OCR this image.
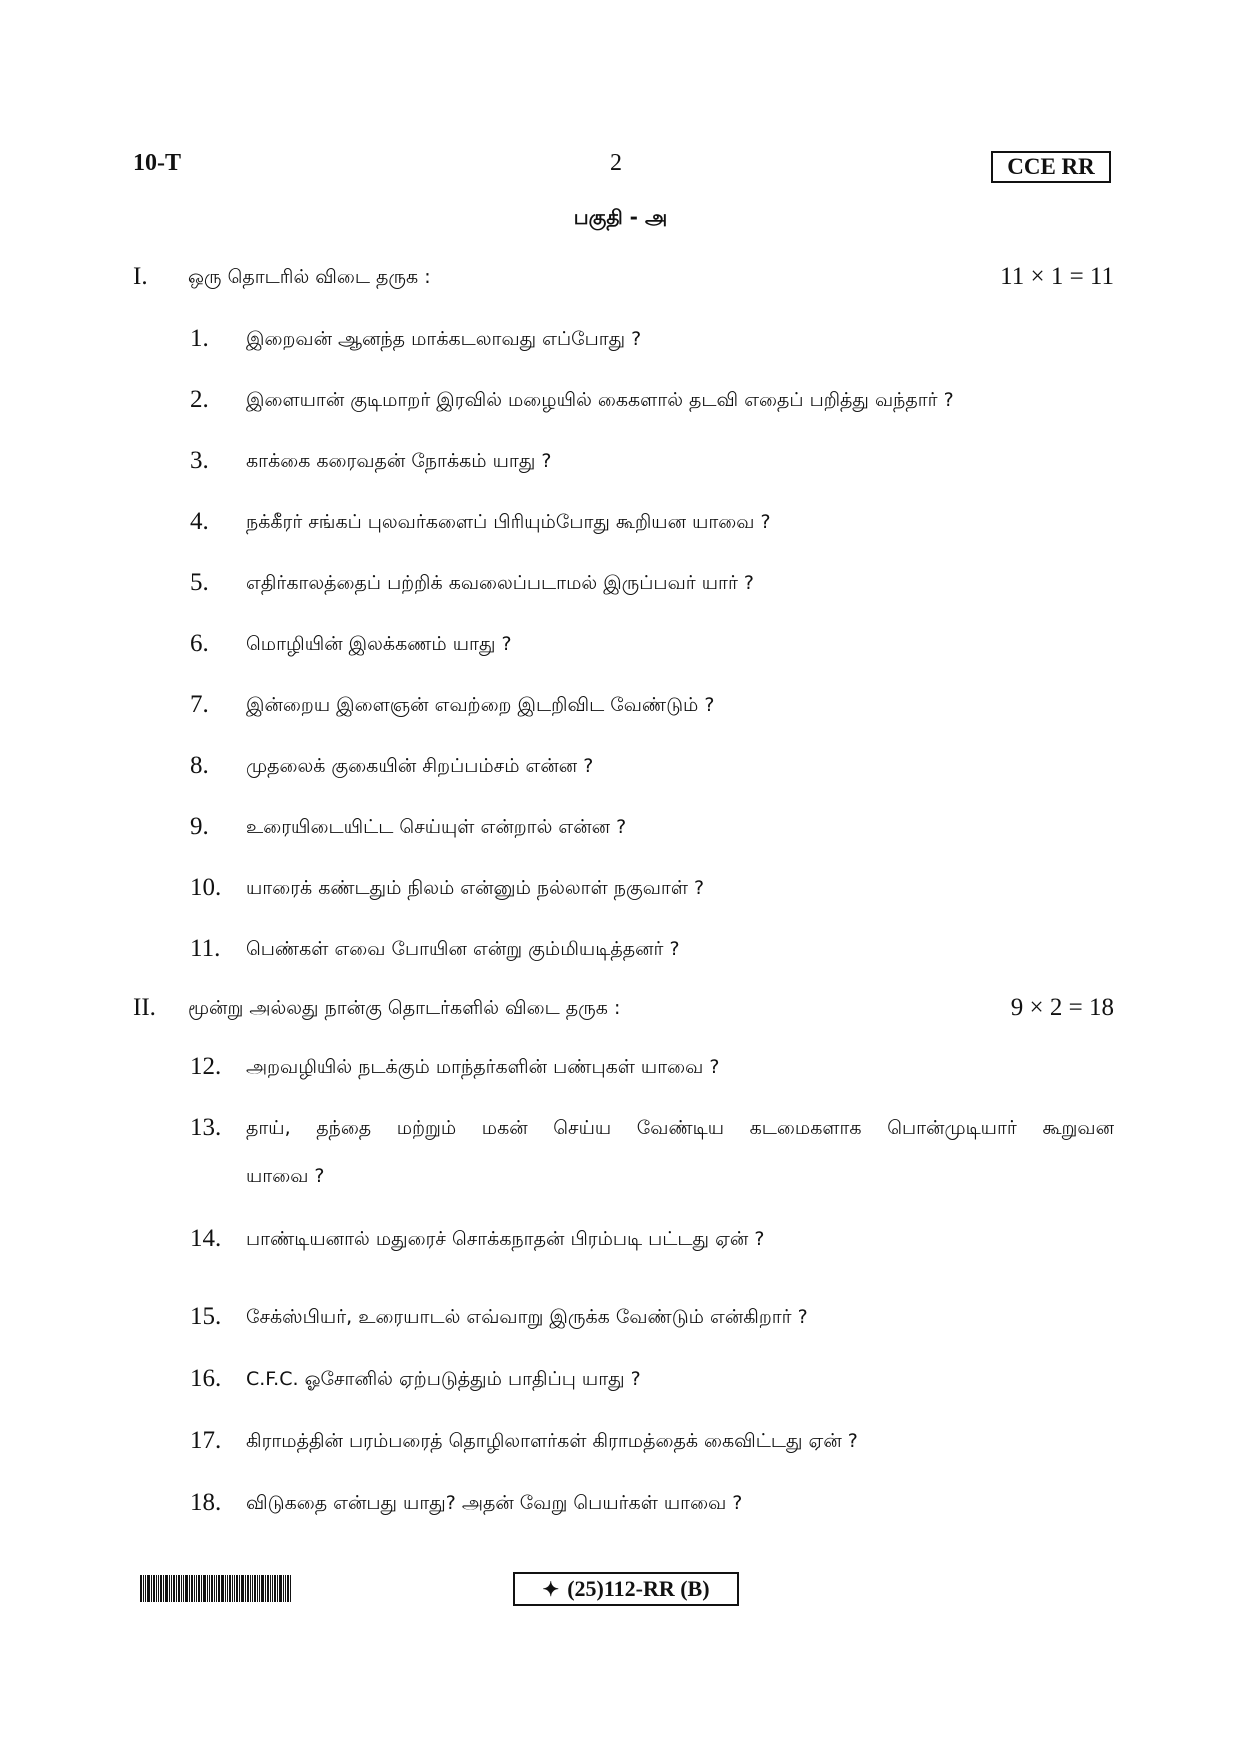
10-T	2	CCE RR
பகுதி - அ
I. ஒரு தொடரில் விடை தருக :	11 × 1 = 11
1.	இறைவன் ஆனந்த மாக்கடலாவது எப்போது ?
2.	இளையான் குடிமாறர் இரவில் மழையில் கைகளால் தடவி எதைப் பறித்து வந்தார் ?
3.	காக்கை கரைவதன் நோக்கம் யாது ?
4.	நக்கீரர் சங்கப் புலவர்களைப் பிரியும்போது கூறியன யாவை ?
5.	எதிர்காலத்தைப் பற்றிக் கவலைப்படாமல் இருப்பவர் யார் ?
6.	மொழியின் இலக்கணம் யாது ?
7.	இன்றைய இளைஞன் எவற்றை இடறிவிட வேண்டும் ?
8.	முதலைக் குகையின் சிறப்பம்சம் என்ன ?
9.	உரையிடையிட்ட செய்யுள் என்றால் என்ன ?
10.	யாரைக் கண்டதும் நிலம் என்னும் நல்லாள் நகுவாள் ?
11.	பெண்கள் எவை போயின என்று கும்மியடித்தனர் ?
II. மூன்று அல்லது நான்கு தொடர்களில் விடை தருக :	9 × 2 = 18
12.	அறவழியில் நடக்கும் மாந்தர்களின் பண்புகள் யாவை ?
13.	தாய், தந்தை மற்றும் மகன் செய்ய வேண்டிய கடமைகளாக பொன்முடியார் கூறுவன
யாவை ?
14.	பாண்டியனால் மதுரைச் சொக்கநாதன் பிரம்படி பட்டது ஏன் ?
15.	சேக்ஸ்பியர், உரையாடல் எவ்வாறு இருக்க வேண்டும் என்கிறார் ?
16.	C.F.C. ஓசோனில் ஏற்படுத்தும் பாதிப்பு யாது ?
17.	கிராமத்தின் பரம்பரைத் தொழிலாளர்கள் கிராமத்தைக் கைவிட்டது ஏன் ?
18.	விடுகதை என்பது யாது? அதன் வேறு பெயர்கள் யாவை ?
✦ (25)112-RR (B)
